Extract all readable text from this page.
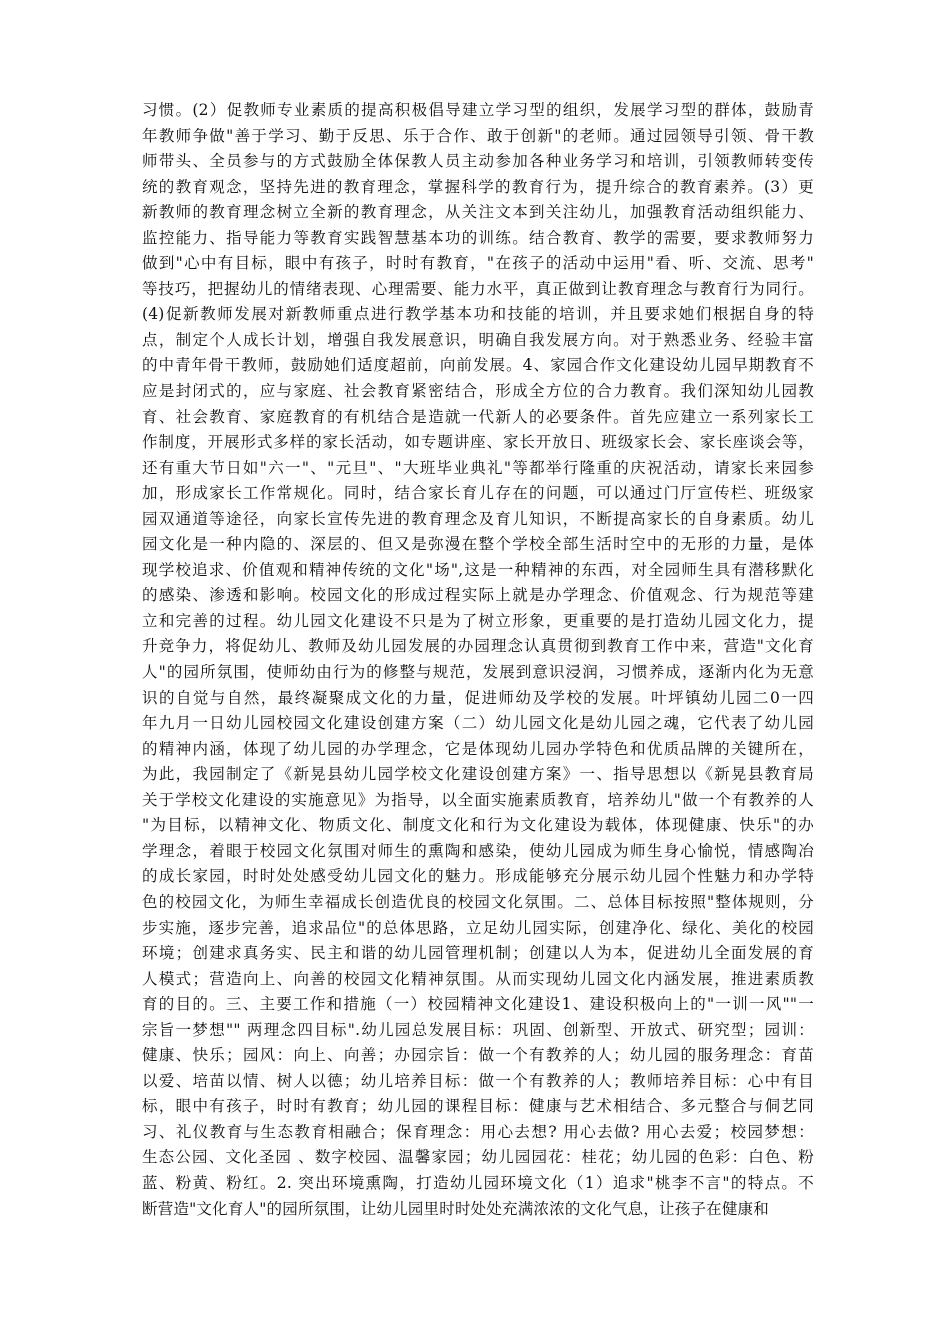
习惯。(2）促教师专业素质的提高积极倡导建立学习型的组织，发展学习型的群体，鼓励青
年教师争做"善于学习、勤于反思、乐于合作、敢于创新"的老师。通过园领导引领、骨干教
师带头、全员参与的方式鼓励全体保教人员主动参加各种业务学习和培训，引领教师转变传
统的教育观念，坚持先进的教育理念，掌握科学的教育行为，提升综合的教育素养。(3）更
新教师的教育理念树立全新的教育理念，从关注文本到关注幼儿，加强教育活动组织能力、
监控能力、指导能力等教育实践智慧基本功的训练。结合教育、教学的需要，要求教师努力
做到"心中有目标，眼中有孩子，时时有教育，"在孩子的活动中运用"看、听、交流、思考"
等技巧，把握幼儿的情绪表现、心理需要、能力水平，真正做到让教育理念与教育行为同行。
(4)促新教师发展对新教师重点进行教学基本功和技能的培训，并且要求她们根据自身的特
点，制定个人成长计划，增强自我发展意识，明确自我发展方向。对于熟悉业务、经验丰富
的中青年骨干教师，鼓励她们适度超前，向前发展。4、家园合作文化建设幼儿园早期教育不
应是封闭式的，应与家庭、社会教育紧密结合，形成全方位的合力教育。我们深知幼儿园教
育、社会教育、家庭教育的有机结合是造就一代新人的必要条件。首先应建立一系列家长工
作制度，开展形式多样的家长活动，如专题讲座、家长开放日、班级家长会、家长座谈会等，
还有重大节日如"六一"、"元旦"、"大班毕业典礼"等都举行隆重的庆祝活动，请家长来园参
加，形成家长工作常规化。同时，结合家长育儿存在的问题，可以通过门厅宣传栏、班级家
园双通道等途径，向家长宣传先进的教育理念及育儿知识，不断提高家长的自身素质。幼儿
园文化是一种内隐的、深层的、但又是弥漫在整个学校全部生活时空中的无形的力量，是体
现学校追求、价值观和精神传统的文化"场",这是一种精神的东西，对全园师生具有潜移默化
的感染、渗透和影响。校园文化的形成过程实际上就是办学理念、价值观念、行为规范等建
立和完善的过程。幼儿园文化建设不只是为了树立形象，更重要的是打造幼儿园文化力，提
升竞争力，将促幼儿、教师及幼儿园发展的办园理念认真贯彻到教育工作中来，营造"文化育
人"的园所氛围，使师幼由行为的修整与规范，发展到意识浸润，习惯养成，逐渐内化为无意
识的自觉与自然，最终凝聚成文化的力量，促进师幼及学校的发展。叶坪镇幼儿园二0一四
年九月一日幼儿园校园文化建设创建方案（二）幼儿园文化是幼儿园之魂，它代表了幼儿园
的精神内涵，体现了幼儿园的办学理念，它是体现幼儿园办学特色和优质品牌的关键所在，
为此，我园制定了《新晃县幼儿园学校文化建设创建方案》一、指导思想以《新晃县教育局
关于学校文化建设的实施意见》为指导，以全面实施素质教育，培养幼儿"做一个有教养的人
"为目标，以精神文化、物质文化、制度文化和行为文化建设为载体，体现健康、快乐"的办
学理念，着眼于校园文化氛围对师生的熏陶和感染，使幼儿园成为师生身心愉悦，情感陶冶
的成长家园，时时处处感受幼儿园文化的魅力。形成能够充分展示幼儿园个性魅力和办学特
色的校园文化，为师生幸福成长创造优良的校园文化氛围。二、总体目标按照"整体规则，分
步实施，逐步完善，追求品位"的总体思路，立足幼儿园实际，创建净化、绿化、美化的校园
环境；创建求真务实、民主和谐的幼儿园管理机制；创建以人为本，促进幼儿全面发展的育
人模式；营造向上、向善的校园文化精神氛围。从而实现幼儿园文化内涵发展，推进素质教
育的目的。三、主要工作和措施（一）校园精神文化建设1、建设积极向上的"一训一风""一
宗旨一梦想"" 两理念四目标".幼儿园总发展目标：巩固、创新型、开放式、研究型；园训：
健康、快乐；园风：向上、向善；办园宗旨：做一个有教养的人；幼儿园的服务理念：育苗
以爱、培苗以情、树人以德；幼儿培养目标：做一个有教养的人；教师培养目标：心中有目
标，眼中有孩子，时时有教育；幼儿园的课程目标：健康与艺术相结合、多元整合与侗艺同
习、礼仪教育与生态教育相融合；保育理念：用心去想? 用心去做? 用心去爱；校园梦想：
生态公园、文化圣园 、数字校园、温馨家园；幼儿园园花：桂花；幼儿园的色彩：白色、粉
蓝、粉黄、粉红。2. 突出环境熏陶，打造幼儿园环境文化（1）追求"桃李不言"的特点。不
断营造"文化育人"的园所氛围，让幼儿园里时时处处充满浓浓的文化气息，让孩子在健康和
